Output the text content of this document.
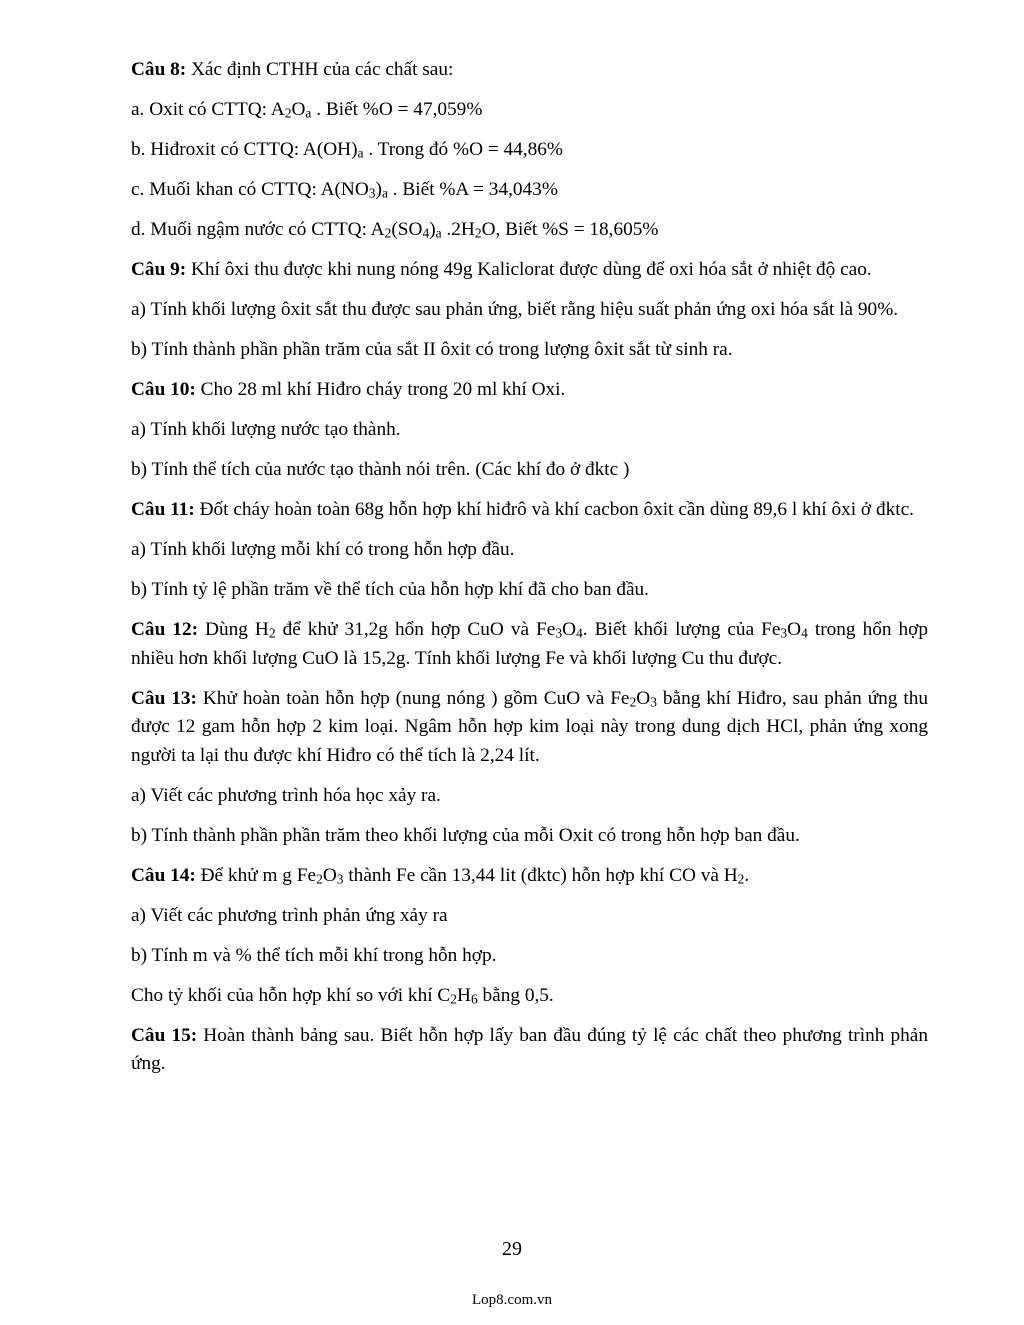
Câu 8: Xác định CTHH của các chất sau:

a. Oxit có CTTQ: $A_2O_a$ . Biết %O = 47,059%

b. Hiđroxit có CTTQ: $A(OH)_a$ . Trong đó %O = 44,86%

c. Muối khan có CTTQ: $A(NO_3)_a$ . Biết %A = 34,043%

d. Muối ngậm nước có CTTQ: $A_2(SO_4)_a$ $.2H_2O$, Biết %S = 18,605%

Câu 9: Khí ôxi thu được khi nung nóng 49g Kaliclorat được dùng để oxi hóa sắt ở nhiệt độ cao.

a) Tính khối lượng ôxit sắt thu được sau phản ứng, biết rằng hiệu suất phản ứng oxi hóa sắt là 90%.

b) Tính thành phần phần trăm của sắt II ôxit có trong lượng ôxit sắt từ sinh ra.

Câu 10: Cho 28 ml khí Hiđro cháy trong 20 ml khí Oxi.

a) Tính khối lượng nước tạo thành.

b) Tính thể tích của nước tạo thành nói trên. (Các khí đo ở đktc )

Câu 11: Đốt cháy hoàn toàn 68g hỗn hợp khí hiđrô và khí cacbon ôxit cần dùng 89,6 l khí ôxi ở đktc.

a) Tính khối lượng mỗi khí có trong hỗn hợp đầu.

b) Tính tỷ lệ phần trăm về thể tích của hỗn hợp khí đã cho ban đầu.

Câu 12: Dùng $H_2$ để khử 31,2g hổn hợp CuO và $Fe_3O_4$. Biết khối lượng của $Fe_3O_4$ trong hổn hợp nhiều hơn khối lượng CuO là 15,2g. Tính khối lượng Fe và khối lượng Cu thu được.

Câu 13: Khử hoàn toàn hỗn hợp (nung nóng ) gồm CuO và $Fe_2O_3$ bằng khí Hiđro, sau phản ứng thu được 12 gam hỗn hợp 2 kim loại. Ngâm hỗn hợp kim loại này trong dung dịch HCl, phản ứng xong người ta lại thu được khí Hiđro có thể tích là 2,24 lít.

a) Viết các phương trình hóa học xảy ra.

b) Tính thành phần phần trăm theo khối lượng của mỗi Oxit có trong hỗn hợp ban đầu.

Câu 14: Để khử m g $Fe_2O_3$ thành Fe cần 13,44 lit (đktc) hỗn hợp khí CO và $H_2$.

a) Viết các phương trình phản ứng xảy ra

b) Tính m và % thể tích mỗi khí trong hỗn hợp.

Cho tỷ khối của hỗn hợp khí so với khí $C_2H_6$ bằng 0,5.

Câu 15: Hoàn thành bảng sau. Biết hỗn hợp lấy ban đầu đúng tỷ lệ các chất theo phương trình phản ứng.

29
Lop8.com.vn
